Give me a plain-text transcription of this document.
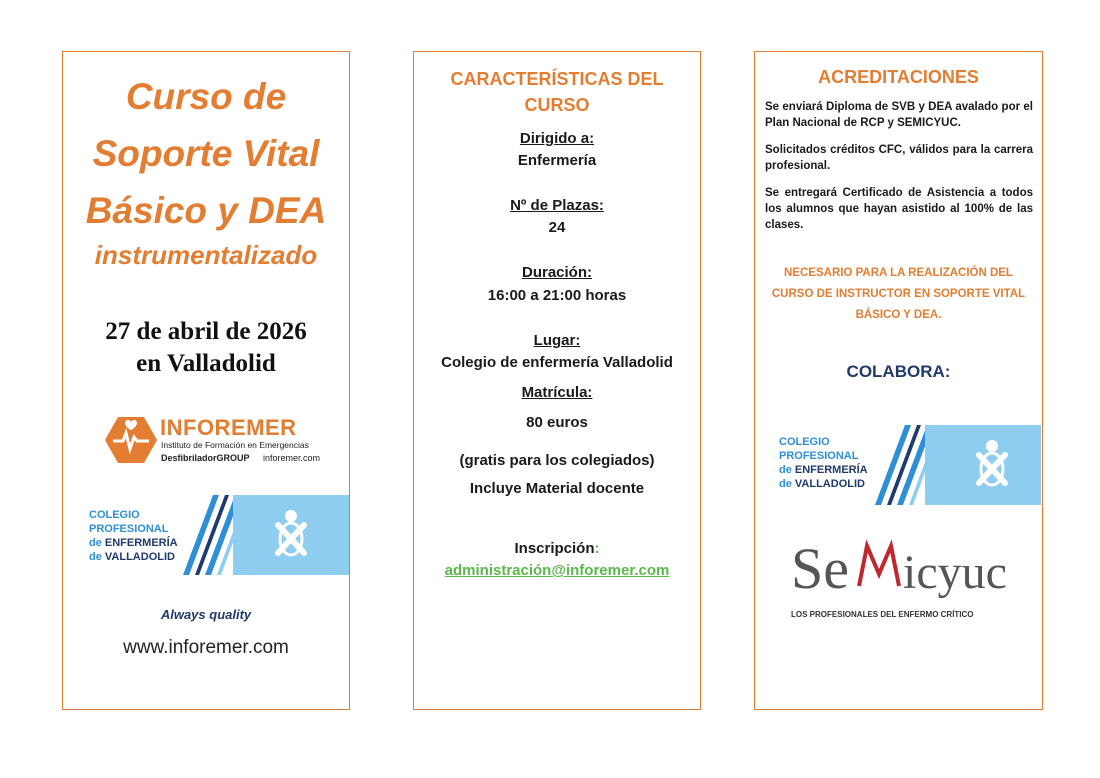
Curso de
Soporte Vital
Básico y DEA
instrumentalizado
27 de abril de 2026
en Valladolid
INFOREMER
Instituto de Formación en Emergencias
DesfibriladorGROUP inforemer.com
COLEGIO
PROFESIONAL
de ENFERMERÍA
de VALLADOLID
Always quality
www.inforemer.com
CARACTERÍSTICAS DEL
CURSO
Dirigido a:
Enfermería
Nº de Plazas:
24
Duración:
16:00 a 21:00 horas
Lugar:
Colegio de enfermería Valladolid
Matrícula:
80 euros
(gratis para los colegiados)
Incluye Material docente
Inscripción:
administración@inforemer.com
ACREDITACIONES
Se enviará Diploma de SVB y DEA avalado por el Plan Nacional de RCP y SEMICYUC.
Solicitados créditos CFC, válidos para la carrera profesional.
Se entregará Certificado de Asistencia a todos los alumnos que hayan asistido al 100% de las clases.
NECESARIO PARA LA REALIZACIÓN DEL
CURSO DE INSTRUCTOR EN SOPORTE VITAL
BÁSICO Y DEA.
COLABORA:
COLEGIO
PROFESIONAL
de ENFERMERÍA
de VALLADOLID
Se icyuc
LOS PROFESIONALES DEL ENFERMO CRÍTICO
